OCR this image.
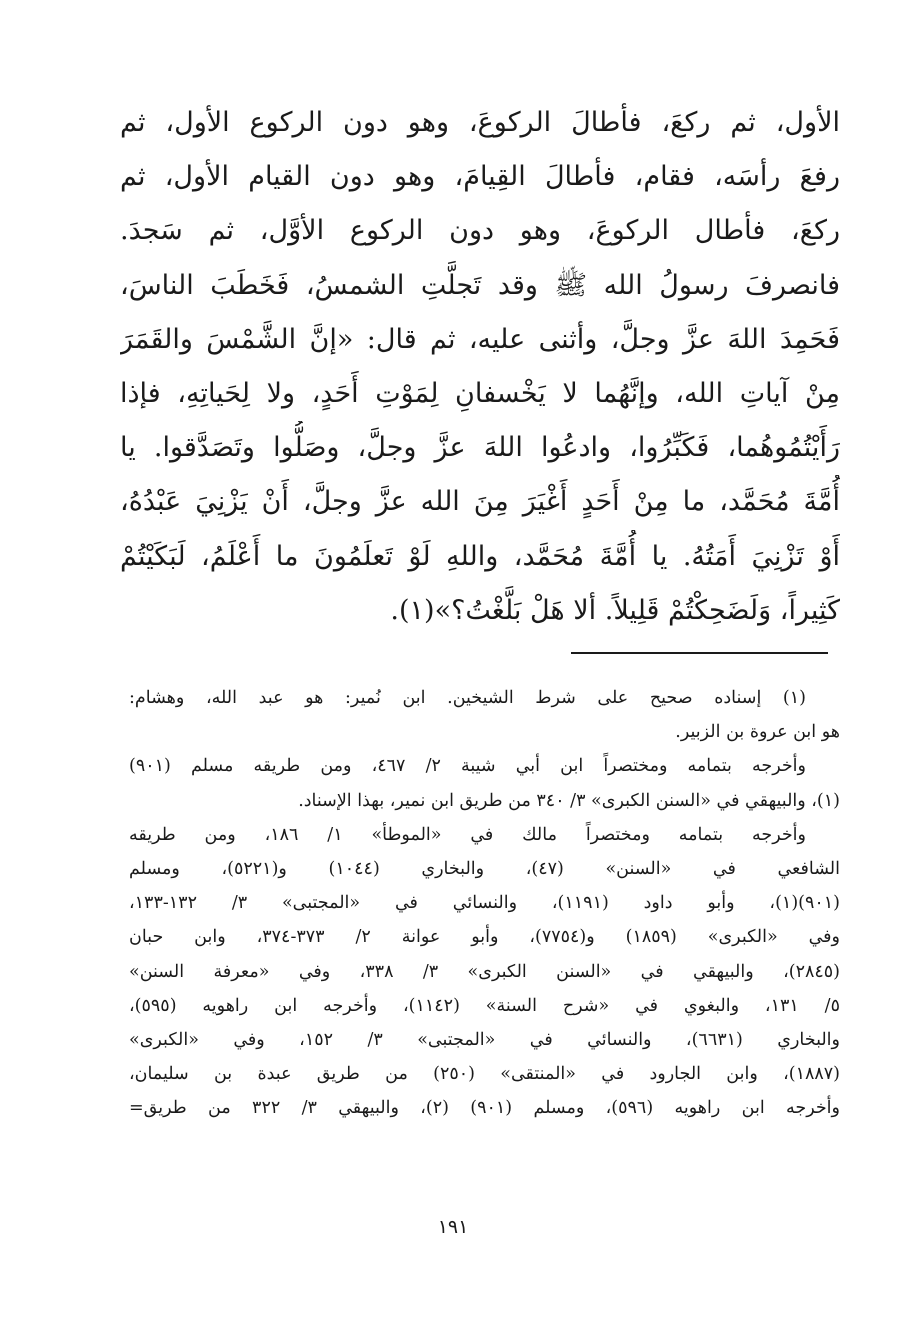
الأول، ثم ركعَ، فأطالَ الركوعَ، وهو دون الركوع الأول، ثم
رفعَ رأسَه، فقام، فأطالَ القِيامَ، وهو دون القيام الأول، ثم
ركعَ، فأطال الركوعَ، وهو دون الركوع الأوَّل، ثم سَجدَ.
فانصرفَ رسولُ الله ﷺ وقد تَجلَّتِ الشمسُ، فَخَطَبَ الناسَ،
فَحَمِدَ اللهَ عزَّ وجلَّ، وأثنى عليه، ثم قال: «إنَّ الشَّمْسَ والقَمَرَ
مِنْ آياتِ الله، وإنَّهُما لا يَخْسفانِ لِمَوْتِ أَحَدٍ، ولا لِحَياتِهِ، فإذا
رَأَيْتُمُوهُما، فَكَبِّرُوا، وادعُوا اللهَ عزَّ وجلَّ، وصَلُّوا وتَصَدَّقوا. يا
أُمَّةَ مُحَمَّد، ما مِنْ أَحَدٍ أَغْيَرَ مِنَ الله عزَّ وجلَّ، أَنْ يَزْنِيَ عَبْدُهُ،
أَوْ تَزْنِيَ أَمَتُهُ. يا أُمَّةَ مُحَمَّد، واللهِ لَوْ تَعلَمُونَ ما أَعْلَمُ، لَبَكَيْتُمْ
كَثِيراً، وَلَضَحِكْتُمْ قَلِيلاً. ألا هَلْ بَلَّغْتُ؟»(١).
(١) إسناده صحيح على شرط الشيخين. ابن نُمير: هو عبد الله، وهشام:
هو ابن عروة بن الزبير.
وأخرجه بتمامه ومختصراً ابن أبي شيبة ٢/ ٤٦٧، ومن طريقه مسلم (٩٠١)
(١)، والبيهقي في «السنن الكبرى» ٣/ ٣٤٠ من طريق ابن نمير، بهذا الإسناد.
وأخرجه بتمامه ومختصراً مالك في «الموطأ» ١/ ١٨٦، ومن طريقه
الشافعي في «السنن» (٤٧)، والبخاري (١٠٤٤) و(٥٢٢١)، ومسلم
(٩٠١)(١)، وأبو داود (١١٩١)، والنسائي في «المجتبى» ٣/ ١٣٢-١٣٣،
وفي «الكبرى» (١٨٥٩) و(٧٧٥٤)، وأبو عوانة ٢/ ٣٧٣-٣٧٤، وابن حبان
(٢٨٤٥)، والبيهقي في «السنن الكبرى» ٣/ ٣٣٨، وفي «معرفة السنن»
٥/ ١٣١، والبغوي في «شرح السنة» (١١٤٢)، وأخرجه ابن راهويه (٥٩٥)،
والبخاري (٦٦٣١)، والنسائي في «المجتبى» ٣/ ١٥٢، وفي «الكبرى»
(١٨٨٧)، وابن الجارود في «المنتقى» (٢٥٠) من طريق عبدة بن سليمان،
وأخرجه ابن راهويه (٥٩٦)، ومسلم (٩٠١) (٢)، والبيهقي ٣/ ٣٢٢ من طريق=
١٩١
